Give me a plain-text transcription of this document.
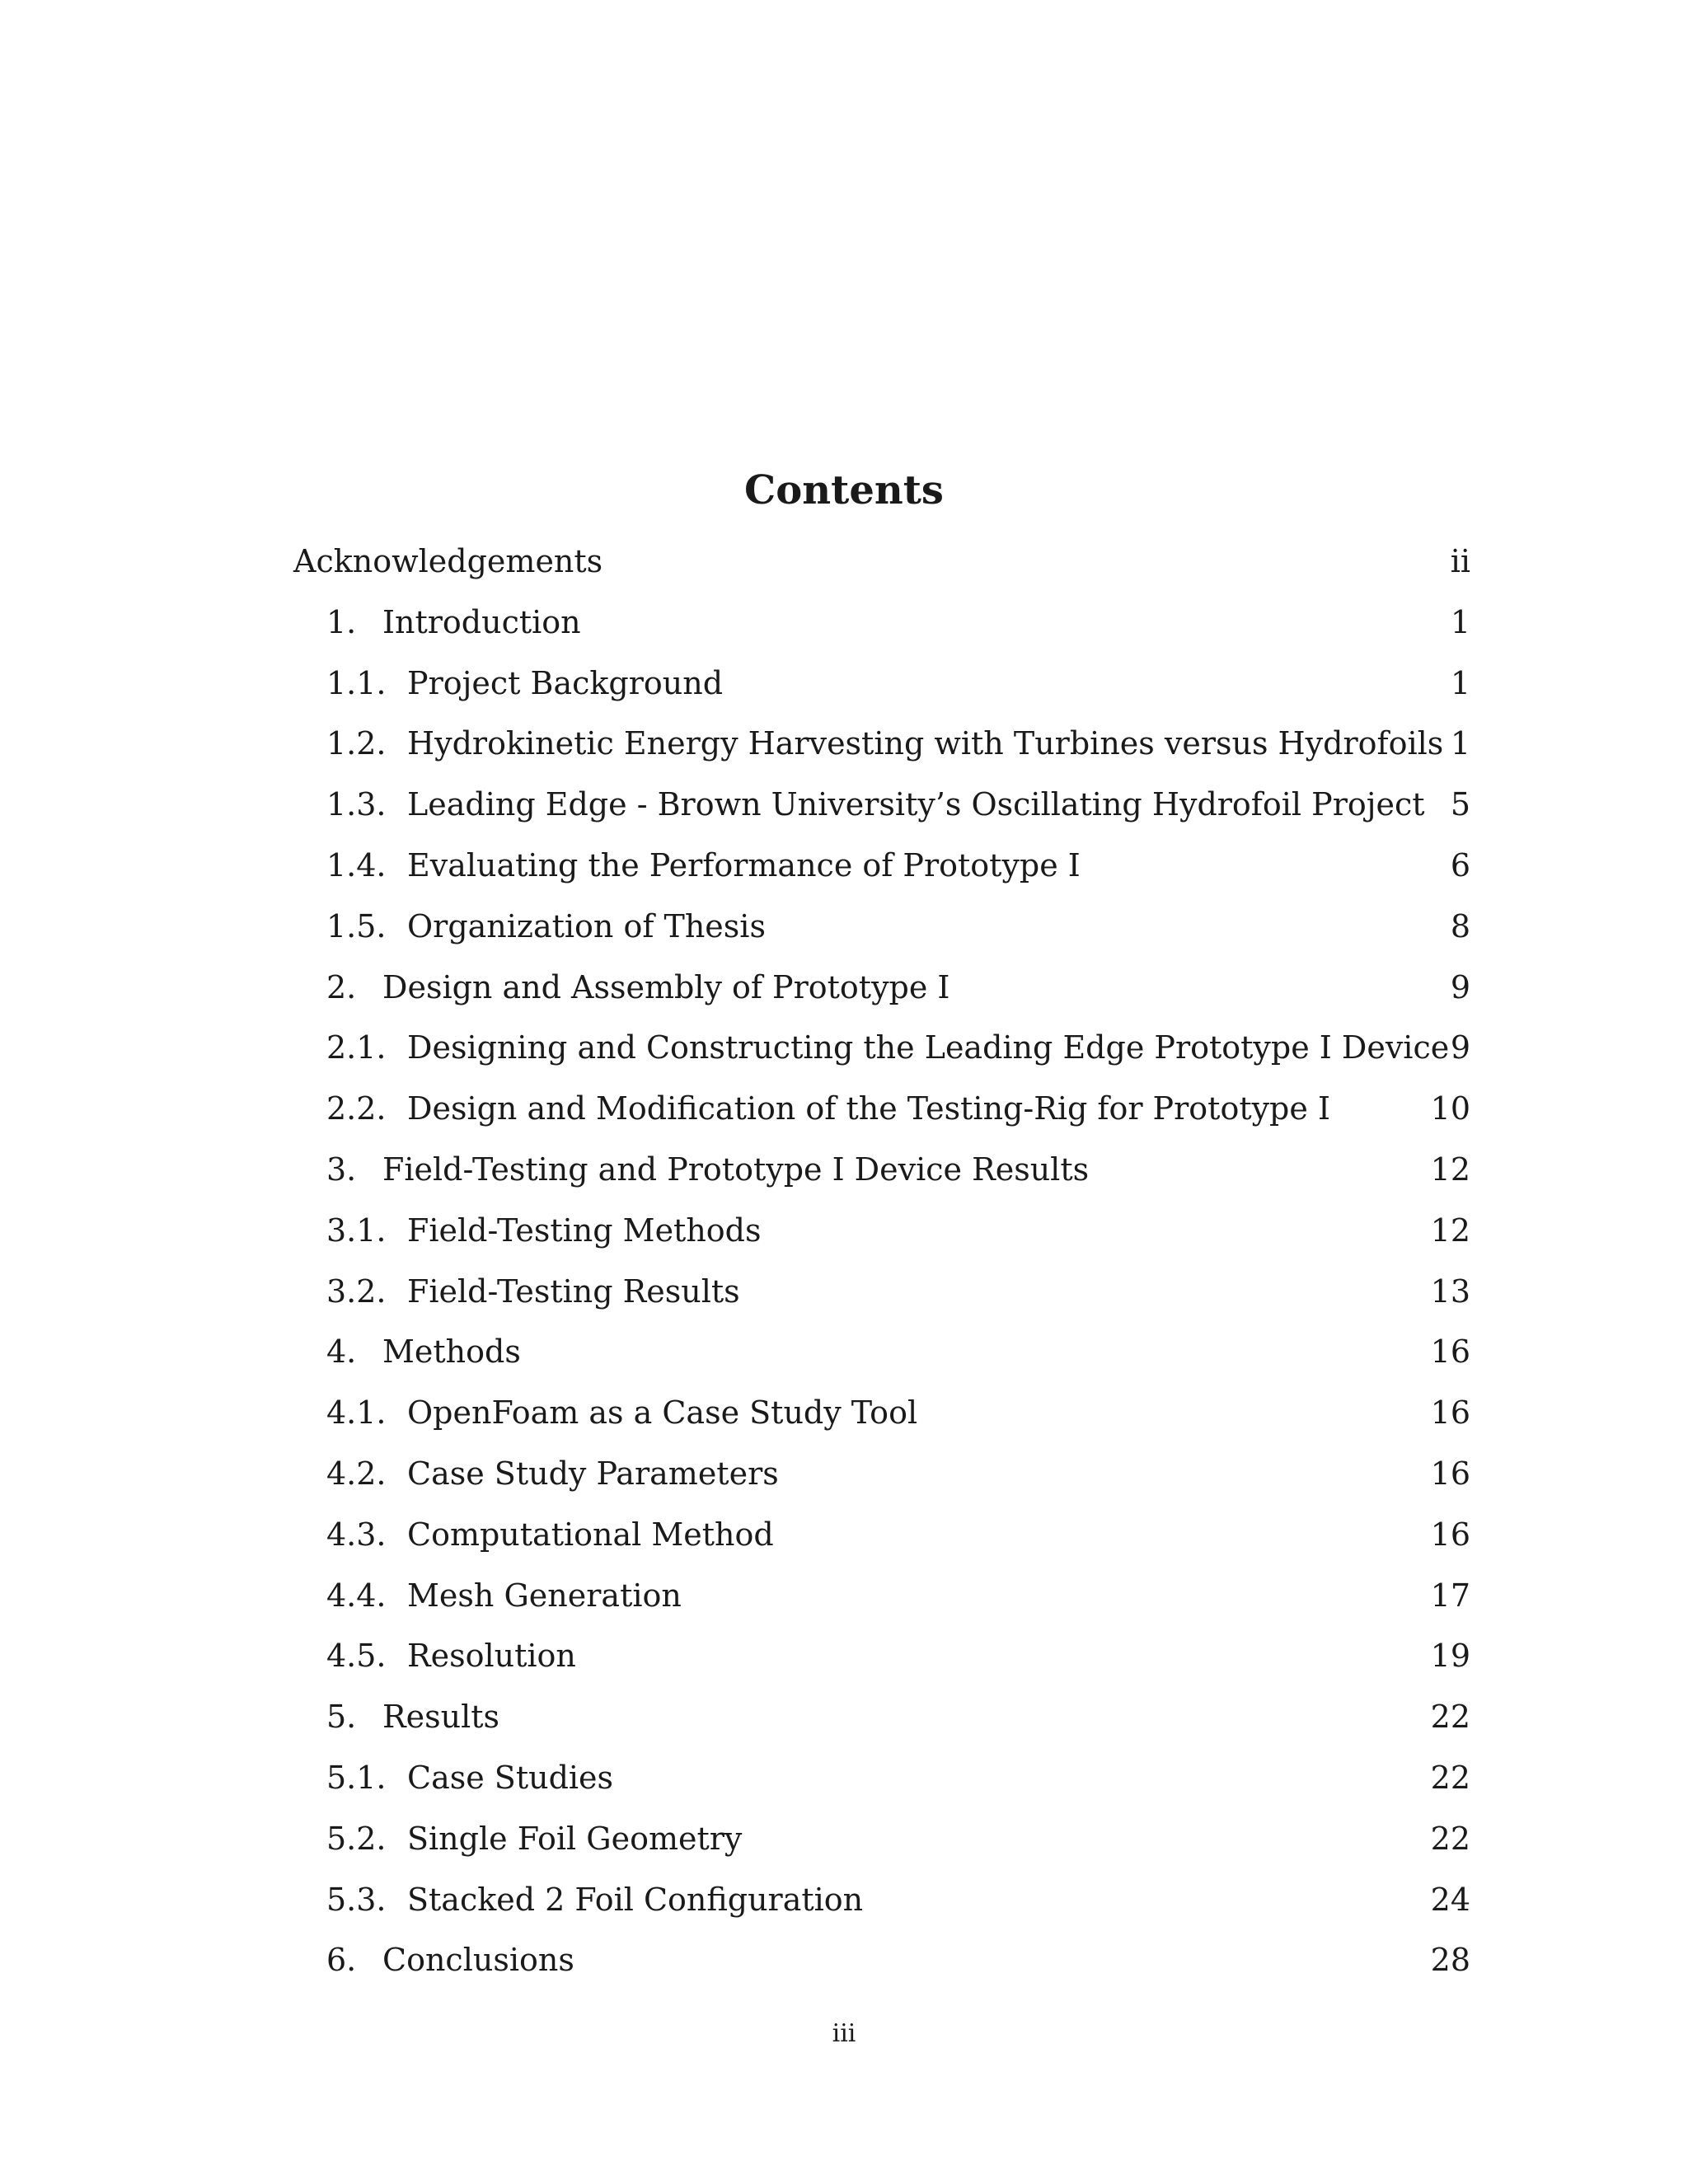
Contents
Acknowledgements	ii
1. Introduction	1
1.1. Project Background	1
1.2. Hydrokinetic Energy Harvesting with Turbines versus Hydrofoils 1
1.3. Leading Edge - Brown University’s Oscillating Hydrofoil Project 5
1.4. Evaluating the Performance of Prototype I	6
1.5. Organization of Thesis	8
2. Design and Assembly of Prototype I	9
2.1. Designing and Constructing the Leading Edge Prototype I Device 9
2.2. Design and Modification of the Testing-Rig for Prototype I	10
3. Field-Testing and Prototype I Device Results	12
3.1. Field-Testing Methods	12
3.2. Field-Testing Results	13
4. Methods	16
4.1. OpenFoam as a Case Study Tool	16
4.2. Case Study Parameters	16
4.3. Computational Method	16
4.4. Mesh Generation	17
4.5. Resolution	19
5. Results	22
5.1. Case Studies	22
5.2. Single Foil Geometry	22
5.3. Stacked 2 Foil Configuration	24
6. Conclusions	28
iii
